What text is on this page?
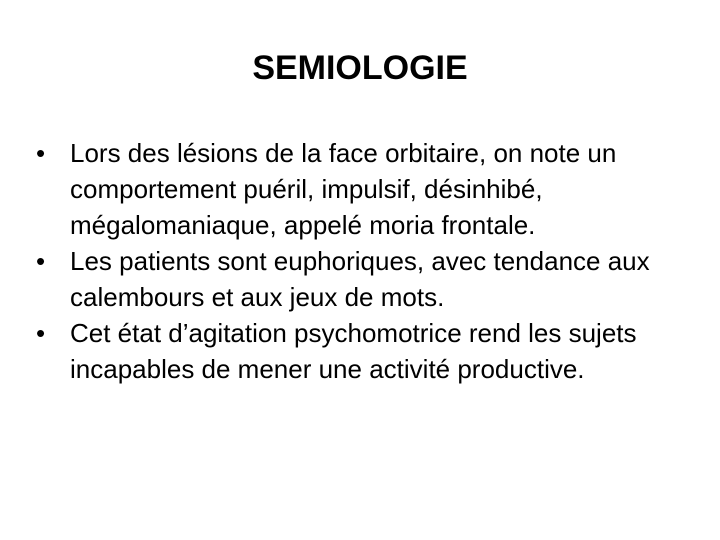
SEMIOLOGIE
• Lors des lésions de la face orbitaire, on note un comportement puéril, impulsif, désinhibé, mégalomaniaque, appelé moria frontale.
• Les patients sont euphoriques, avec tendance aux calembours et aux jeux de mots.
• Cet état d’agitation psychomotrice rend les sujets incapables de mener une activité productive.
